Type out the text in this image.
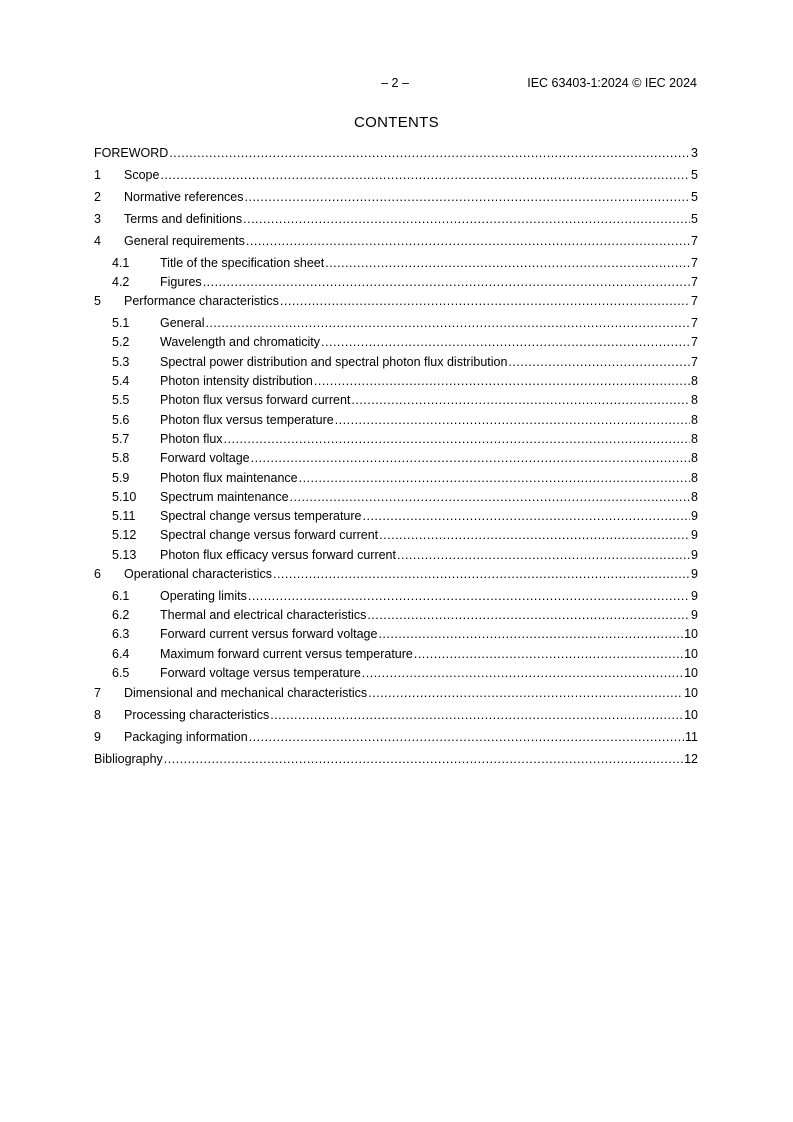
– 2 –	IEC 63403-1:2024 © IEC 2024
CONTENTS
FOREWORD .....	3
1	Scope .....	5
2	Normative references .....	5
3	Terms and definitions .....	5
4	General requirements .....	7
4.1	Title of the specification sheet .....	7
4.2	Figures .....	7
5	Performance characteristics .....	7
5.1	General .....	7
5.2	Wavelength and chromaticity .....	7
5.3	Spectral power distribution and spectral photon flux distribution .....	7
5.4	Photon intensity distribution .....	8
5.5	Photon flux versus forward current .....	8
5.6	Photon flux versus temperature .....	8
5.7	Photon flux .....	8
5.8	Forward voltage .....	8
5.9	Photon flux maintenance .....	8
5.10	Spectrum maintenance .....	8
5.11	Spectral change versus temperature .....	9
5.12	Spectral change versus forward current .....	9
5.13	Photon flux efficacy versus forward current .....	9
6	Operational characteristics .....	9
6.1	Operating limits .....	9
6.2	Thermal and electrical characteristics .....	9
6.3	Forward current versus forward voltage .....	10
6.4	Maximum forward current versus temperature .....	10
6.5	Forward voltage versus temperature .....	10
7	Dimensional and mechanical characteristics .....	10
8	Processing characteristics .....	10
9	Packaging information .....	11
Bibliography .....	12
